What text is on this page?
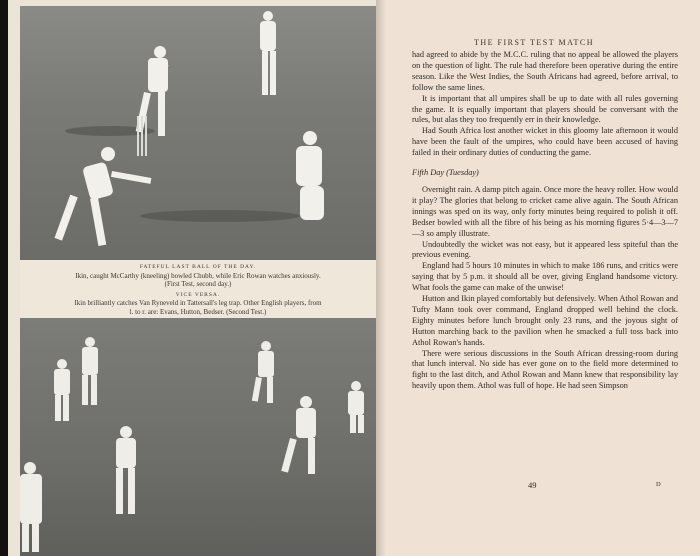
FATEFUL LAST BALL OF THE DAY.

Ikin, caught McCarthy (kneeling) bowled Chubb, while Eric Rowan watches anxiously.

(First Test, second day.)

VICE VERSA.

Ikin brilliantly catches Van Ryneveld in Tattersall's leg trap. Other English players, from

l. to r. are: Evans, Hutton, Bedser. (Second Test.)

THE FIRST TEST MATCH

had agreed to abide by the M.C.C. ruling that no appeal be allowed the players on the question of light. The rule had therefore been operative during the entire season. Like the West Indies, the South Africans had agreed, before arrival, to follow the same lines.

It is important that all umpires shall be up to date with all rules governing the game. It is equally important that players should be conversant with the rules, but alas they too frequently err in their knowledge.

Had South Africa lost another wicket in this gloomy late afternoon it would have been the fault of the umpires, who could have been accused of having failed in their ordinary duties of conducting the game.

Fifth Day (Tuesday)

Overnight rain. A damp pitch again. Once more the heavy roller. How would it play? The glories that belong to cricket came alive again. The South African innings was sped on its way, only forty minutes being required to polish it off. Bedser bowled with all the fibre of his being as his morning figures 5·4—3—7—3 so amply illustrate.

Undoubtedly the wicket was not easy, but it appeared less spiteful than the previous evening.

England had 5 hours 10 minutes in which to make 186 runs, and critics were saying that by 5 p.m. it should all be over, giving England handsome victory. What fools the game can make of the unwise!

Hutton and Ikin played comfortably but defensively. When Athol Rowan and Tufty Mann took over command, England dropped well behind the clock. Eighty minutes before lunch brought only 23 runs, and the joyous sight of Hutton marching back to the pavilion when he smacked a full toss back into Athol Rowan's hands.

There were serious discussions in the South African dressing-room during that lunch interval. No side has ever gone on to the field more determined to fight to the last ditch, and Athol Rowan and Mann knew that responsibility lay heavily upon them. Athol was full of hope. He had seen Simpson

49	D
